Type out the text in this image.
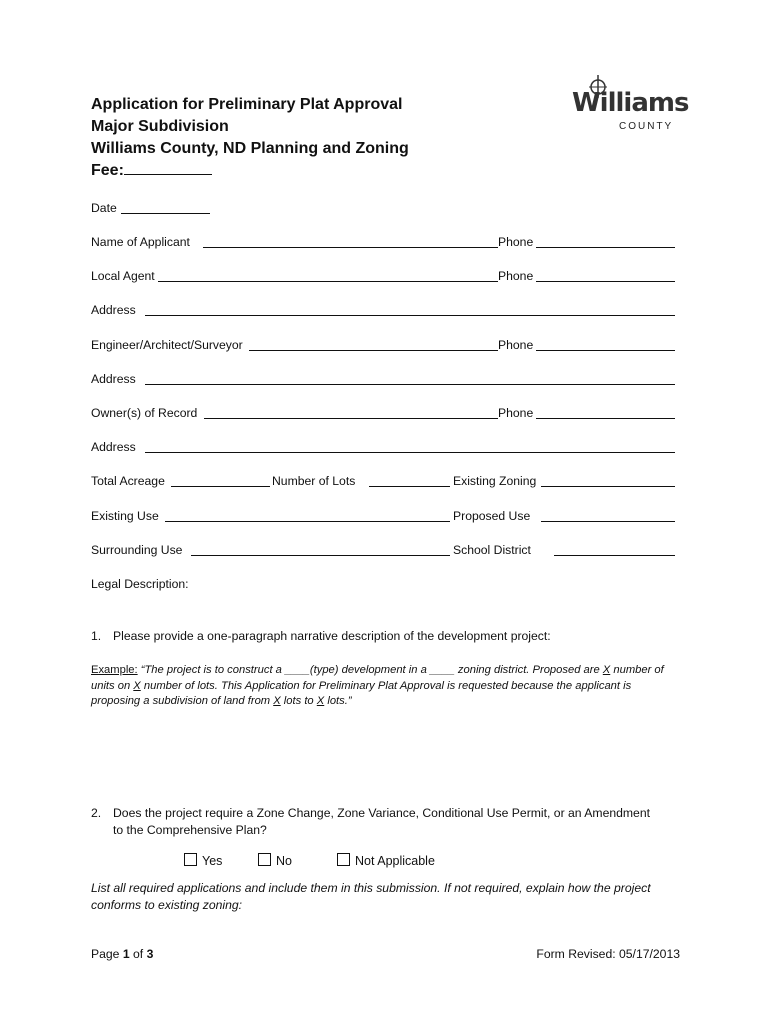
Application for Preliminary Plat Approval
Major Subdivision
Williams County, ND Planning and Zoning
Fee:
Williams
COUNTY
Date
Name of Applicant	Phone
Local Agent	Phone
Address
Engineer/Architect/Surveyor	Phone
Address
Owner(s) of Record	Phone
Address
Total Acreage	Number of Lots	Existing Zoning
Existing Use	Proposed Use
Surrounding Use	School District
Legal Description:
1. Please provide a one-paragraph narrative description of the development project:
Example: “The project is to construct a ____(type) development in a ____ zoning district. Proposed are X number of
units on X number of lots. This Application for Preliminary Plat Approval is requested because the applicant is
proposing a subdivision of land from X lots to X lots.”
2. Does the project require a Zone Change, Zone Variance, Conditional Use Permit, or an Amendment
to the Comprehensive Plan?
Yes	No	Not Applicable
List all required applications and include them in this submission. If not required, explain how the project
conforms to existing zoning:
Page 1 of 3	Form Revised: 05/17/2013
